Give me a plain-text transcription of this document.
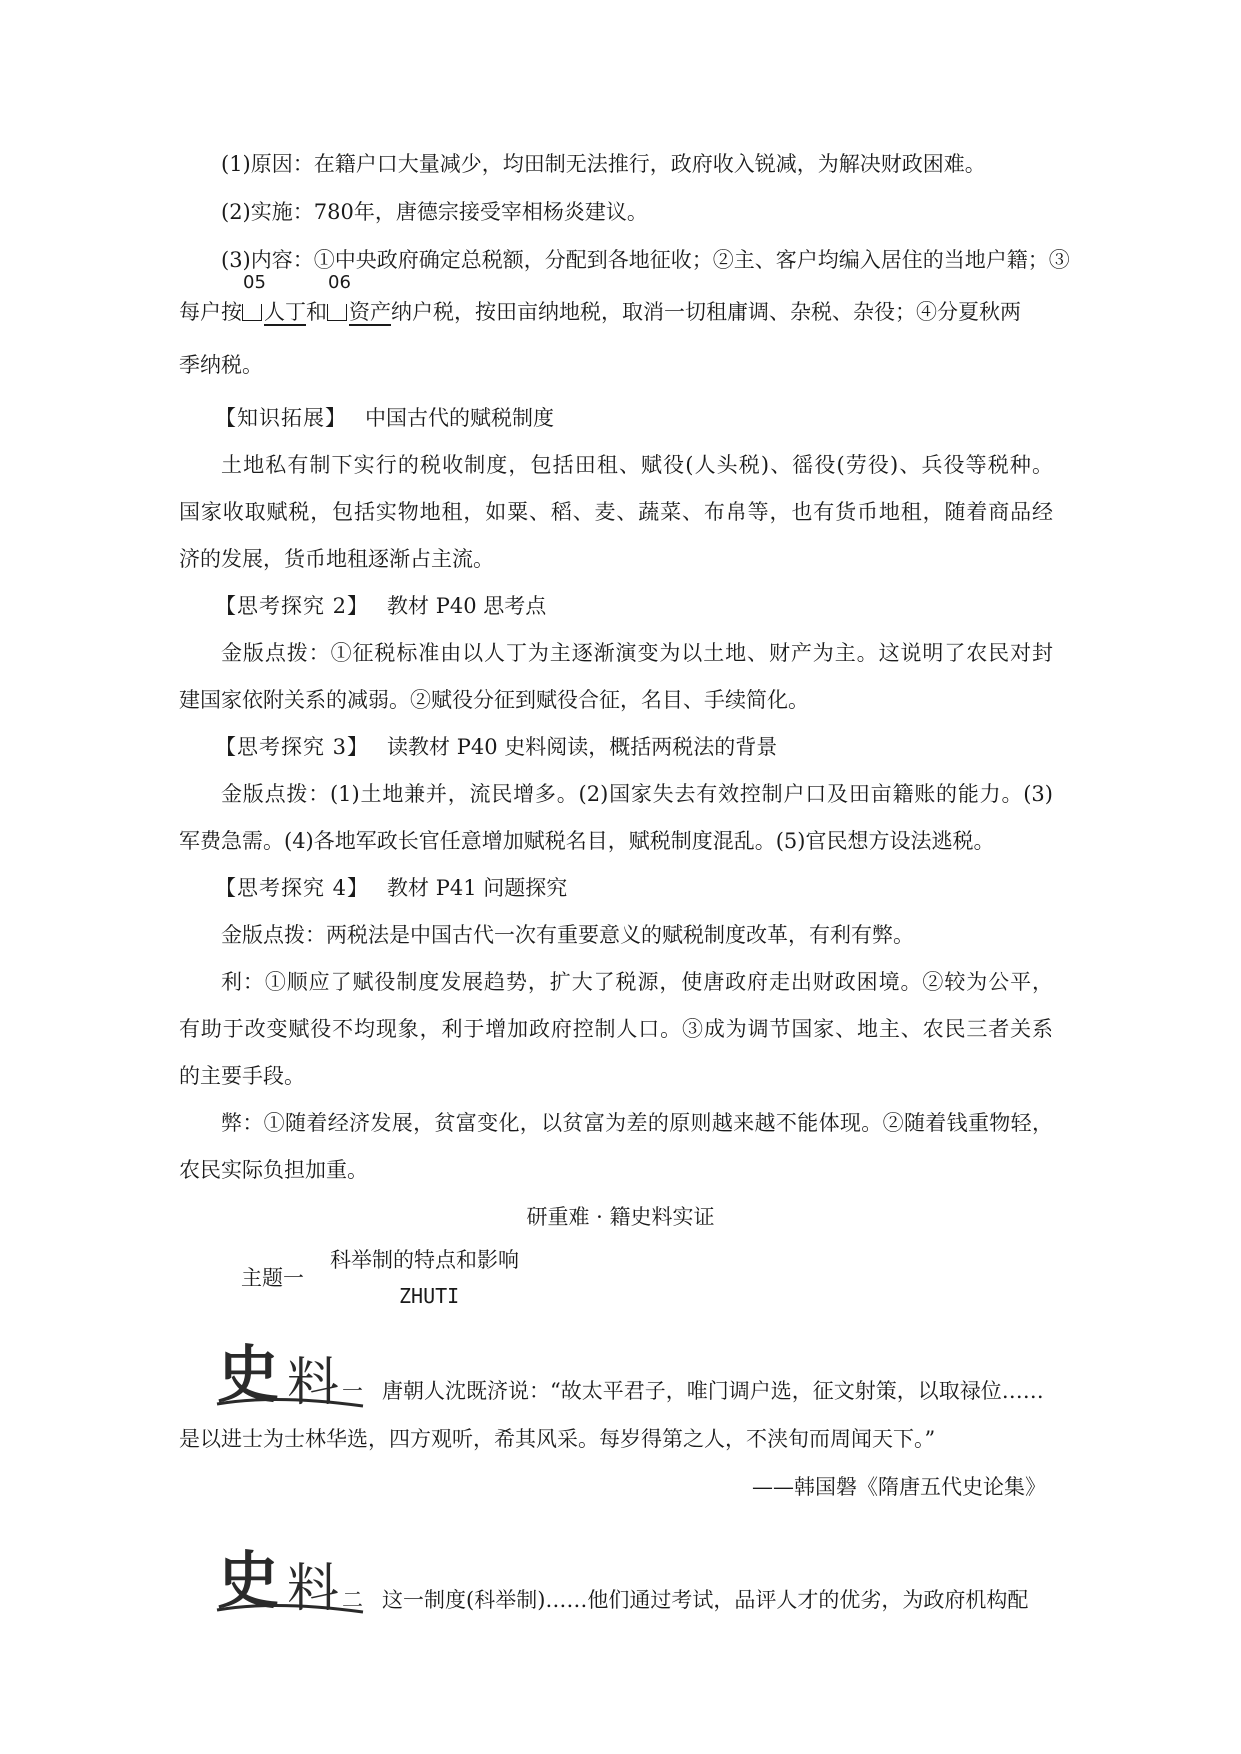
(1)原因：在籍户口大量减少，均田制无法推行，政府收入锐减，为解决财政困难。
(2)实施：780年，唐德宗接受宰相杨炎建议。
(3)内容：①中央政府确定总税额，分配到各地征收；②主、客户均编入居住的当地户籍；③
每户按
05
人丁和
06
资产纳户税，按田亩纳地税，取消一切租庸调、杂税、杂役；④分夏秋两
季纳税。
【知识拓展】 中国古代的赋税制度
土地私有制下实行的税收制度，包括田租、赋役(人头税)、徭役(劳役)、兵役等税种。
国家收取赋税，包括实物地租，如粟、稻、麦、蔬菜、布帛等，也有货币地租，随着商品经
济的发展，货币地租逐渐占主流。
【思考探究 2】 教材 P40 思考点
金版点拨：①征税标准由以人丁为主逐渐演变为以土地、财产为主。这说明了农民对封
建国家依附关系的减弱。②赋役分征到赋役合征，名目、手续简化。
【思考探究 3】 读教材 P40 史料阅读，概括两税法的背景
金版点拨：(1)土地兼并，流民增多。(2)国家失去有效控制户口及田亩籍账的能力。(3)
军费急需。(4)各地军政长官任意增加赋税名目，赋税制度混乱。(5)官民想方设法逃税。
【思考探究 4】 教材 P41 问题探究
金版点拨：两税法是中国古代一次有重要意义的赋税制度改革，有利有弊。
利：①顺应了赋役制度发展趋势，扩大了税源，使唐政府走出财政困境。②较为公平，
有助于改变赋役不均现象，利于增加政府控制人口。③成为调节国家、地主、农民三者关系
的主要手段。
弊：①随着经济发展，贫富变化，以贫富为差的原则越来越不能体现。②随着钱重物轻，
农民实际负担加重。
研重难 · 籍史料实证
主题一
科举制的特点和影响
ZHUTI
史 料 一 唐朝人沈既济说：“故太平君子，唯门调户选，征文射策，以取禄位……
是以进士为士林华选，四方观听，希其风采。每岁得第之人，不浃旬而周闻天下。”
——韩国磐《隋唐五代史论集》
史 料 二 这一制度(科举制)……他们通过考试，品评人才的优劣，为政府机构配
